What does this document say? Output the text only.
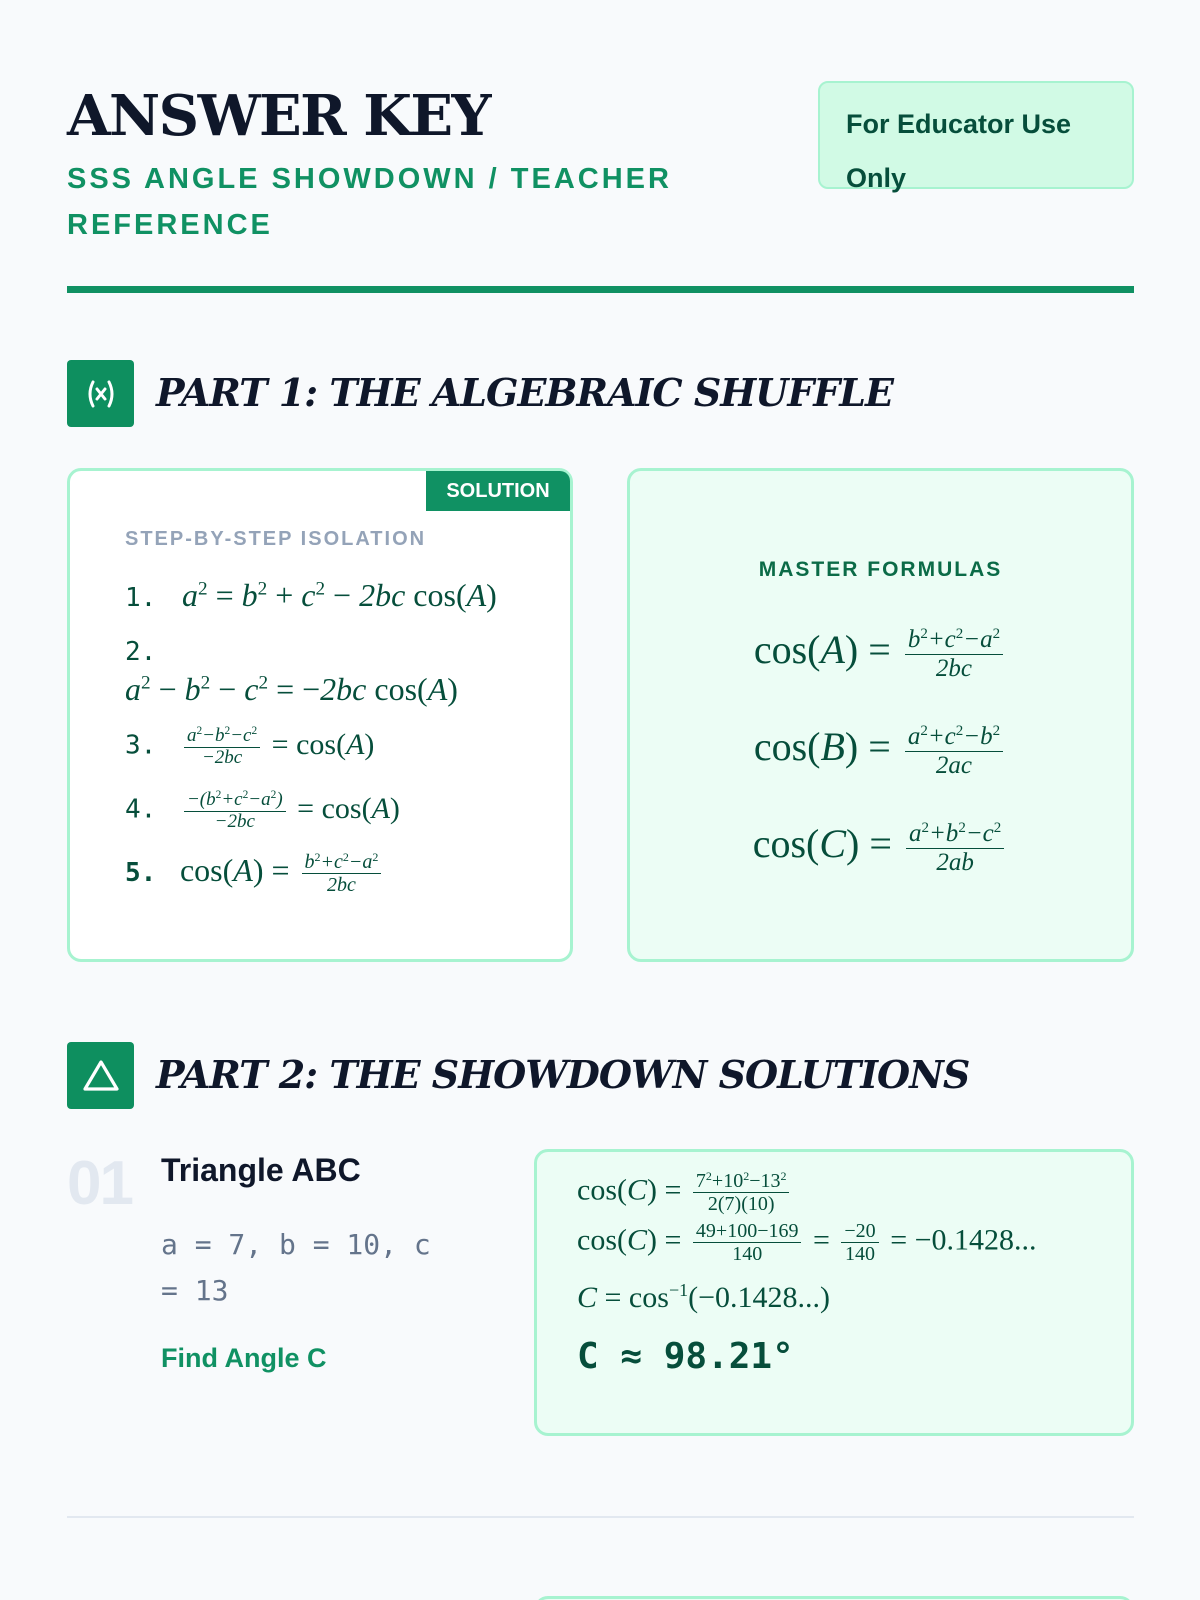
ANSWER KEY
SSS ANGLE SHOWDOWN / TEACHER REFERENCE
For Educator Use Only
PART 1: THE ALGEBRAIC SHUFFLE
SOLUTION
STEP-BY-STEP ISOLATION
1. $a^2 = b^2 + c^2 - 2bc$ cos(A)
2.
$a^2 - b^2 - c^2 = -2bc$ cos(A)
3. $\frac{a^2-b^2-c^2}{-2bc} = \cos(A)$
4. $\frac{-(b^2+c^2-a^2)}{-2bc} = \cos(A)$
5. $\cos(A) = \frac{b^2+c^2-a^2}{2bc}$
MASTER FORMULAS
$\cos(A) = \frac{b^2+c^2-a^2}{2bc}$
$\cos(B) = \frac{a^2+c^2-b^2}{2ac}$
$\cos(C) = \frac{a^2+b^2-c^2}{2ab}$
PART 2: THE SHOWDOWN SOLUTIONS
01 Triangle ABC
a = 7, b = 10, c = 13
Find Angle C
$\cos(C) = \frac{7^2+10^2-13^2}{2(7)(10)}$
$\cos(C) = \frac{49+100-169}{140} = \frac{-20}{140} = -0.1428$...
$C = \cos^{-1}(-0.1428...)$
C ≈ 98.21°
